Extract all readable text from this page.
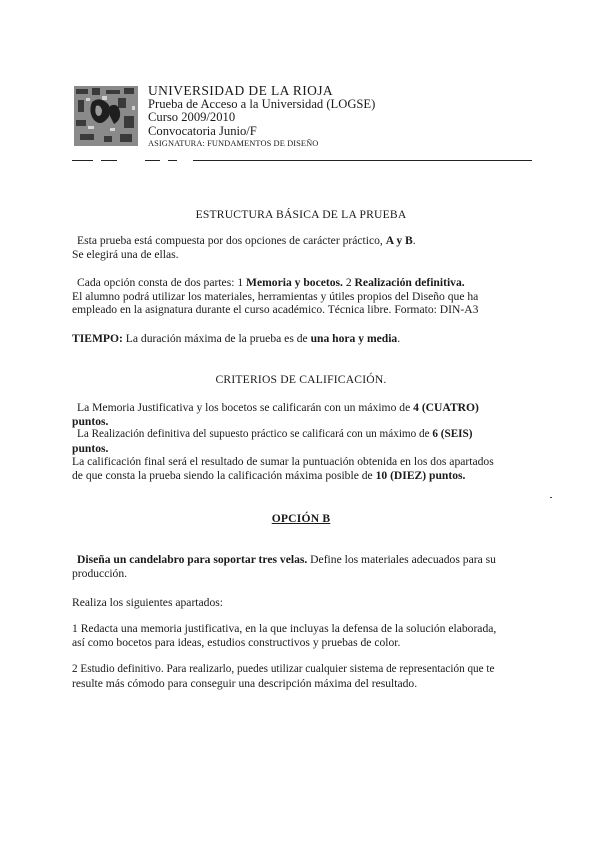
UNIVERSIDAD DE LA RIOJA
Prueba de Acceso a la Universidad (LOGSE)
Curso 2009/2010
Convocatoria Junio/F
ASIGNATURA: FUNDAMENTOS DE DISEÑO
ESTRUCTURA BÁSICA DE LA PRUEBA
Esta prueba está compuesta por dos opciones de carácter práctico, A y B.
Se elegirá una de ellas.
Cada opción consta de dos partes: 1 Memoria y bocetos. 2 Realización definitiva.
El alumno podrá utilizar los materiales, herramientas y útiles propios del Diseño que ha
empleado en la asignatura durante el curso académico. Técnica libre. Formato: DIN-A3
TIEMPO: La duración máxima de la prueba es de una hora y media.
CRITERIOS DE CALIFICACIÓN.
La Memoria Justificativa y los bocetos se calificarán con un máximo de 4 (CUATRO)
puntos.
La Realización definitiva del supuesto práctico se calificará con un máximo de 6 (SEIS)
puntos.
La calificación final será el resultado de sumar la puntuación obtenida en los dos apartados
de que consta la prueba siendo la calificación máxima posible de 10 (DIEZ) puntos.
OPCIÓN B
Diseña un candelabro para soportar tres velas. Define los materiales adecuados para su
producción.
Realiza los siguientes apartados:
1 Redacta una memoria justificativa, en la que incluyas la defensa de la solución elaborada,
así como bocetos para ideas, estudios constructivos y pruebas de color.
2 Estudio definitivo. Para realizarlo, puedes utilizar cualquier sistema de representación que te
resulte más cómodo para conseguir una descripción máxima del resultado.
